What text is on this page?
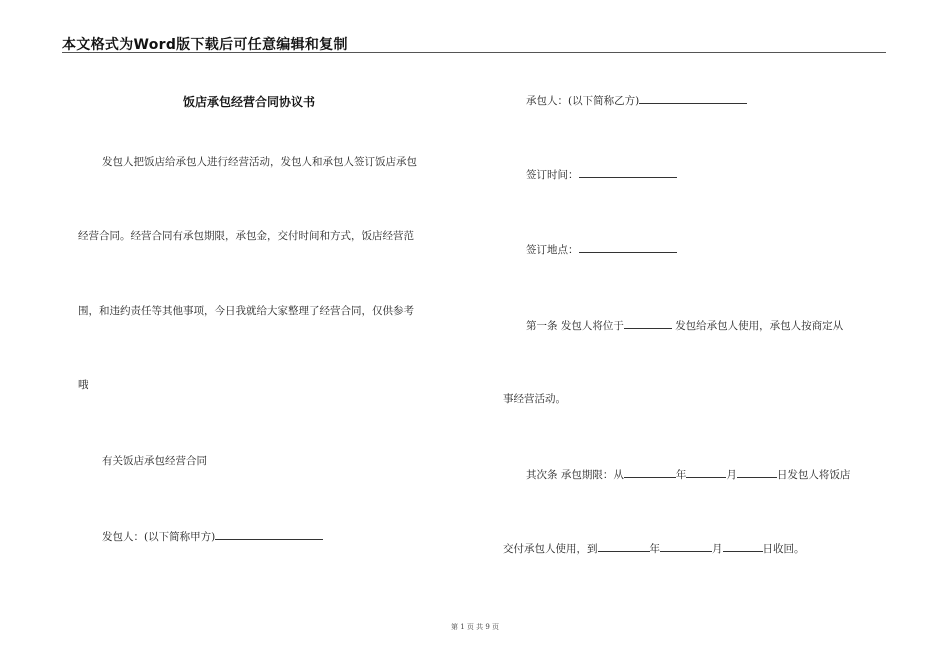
本文格式为Word版下载后可任意编辑和复制
饭店承包经营合同协议书
发包人把饭店给承包人进行经营活动，发包人和承包人签订饭店承包
经营合同。经营合同有承包期限，承包金，交付时间和方式，饭店经营范
围，和违约责任等其他事项，今日我就给大家整理了经营合同，仅供参考
哦
有关饭店承包经营合同
发包人：(以下简称甲方)
承包人：(以下简称乙方)
签订时间：
签订地点：
第一条 发包人将位于	发包给承包人使用，承包人按商定从
事经营活动。
其次条 承包期限：从	年	月	日发包人将饭店
交付承包人使用，到	年	月	日收回。
第 1 页 共 9 页
